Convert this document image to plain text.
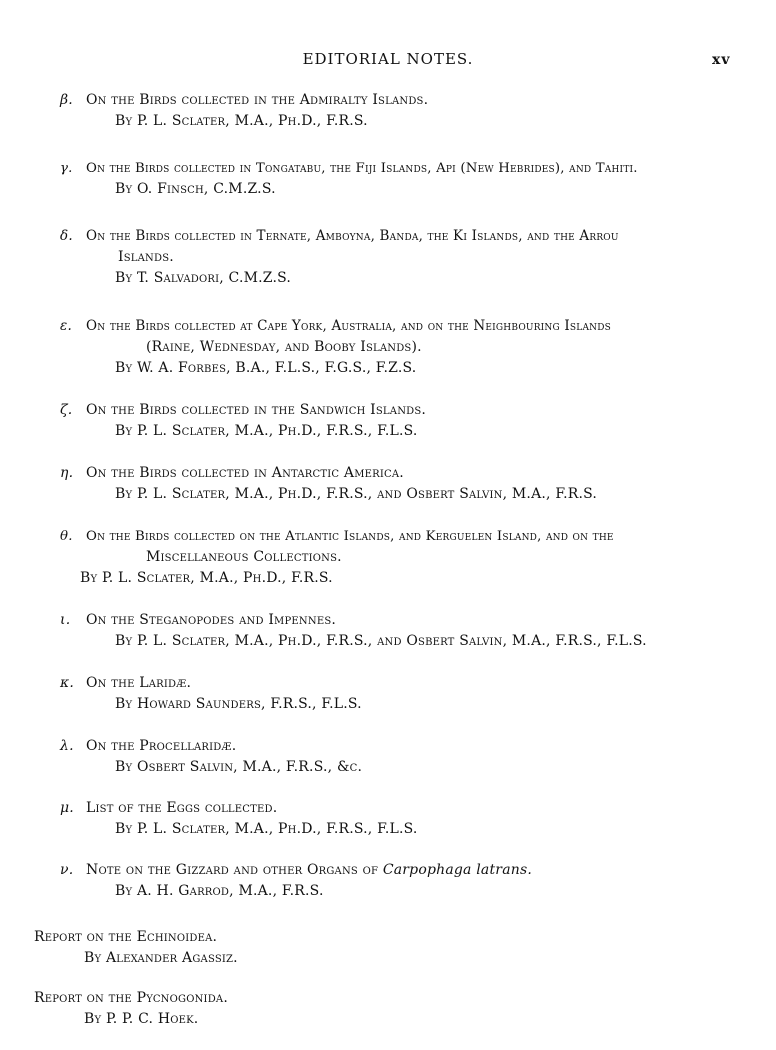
EDITORIAL NOTES.	xv
β. On the Birds collected in the Admiralty Islands.
By P. L. Sclater, M.A., Ph.D., F.R.S.
γ. On the Birds collected in Tongatabu, the Fiji Islands, Api (New Hebrides), and Tahiti.
By O. Finsch, C.M.Z.S.
δ. On the Birds collected in Ternate, Amboyna, Banda, the Ki Islands, and the Arrou
Islands.
By T. Salvadori, C.M.Z.S.
ε. On the Birds collected at Cape York, Australia, and on the Neighbouring Islands
(Raine, Wednesday, and Booby Islands).
By W. A. Forbes, B.A., F.L.S., F.G.S., F.Z.S.
ζ. On the Birds collected in the Sandwich Islands.
By P. L. Sclater, M.A., Ph.D., F.R.S., F.L.S.
η. On the Birds collected in Antarctic America.
By P. L. Sclater, M.A., Ph.D., F.R.S., and Osbert Salvin, M.A., F.R.S.
θ. On the Birds collected on the Atlantic Islands, and Kerguelen Island, and on the
Miscellaneous Collections.
By P. L. Sclater, M.A., Ph.D., F.R.S.
ι. On the Steganopodes and Impennes.
By P. L. Sclater, M.A., Ph.D., F.R.S., and Osbert Salvin, M.A., F.R.S., F.L.S.
κ. On the Laridæ.
By Howard Saunders, F.R.S., F.L.S.
λ. On the Procellaridæ.
By Osbert Salvin, M.A., F.R.S., &c.
μ. List of the Eggs collected.
By P. L. Sclater, M.A., Ph.D., F.R.S., F.L.S.
ν. Note on the Gizzard and other Organs of Carpophaga latrans.
By A. H. Garrod, M.A., F.R.S.
Report on the Echinoidea.
By Alexander Agassiz.
Report on the Pycnogonida.
By P. P. C. Hoek.
